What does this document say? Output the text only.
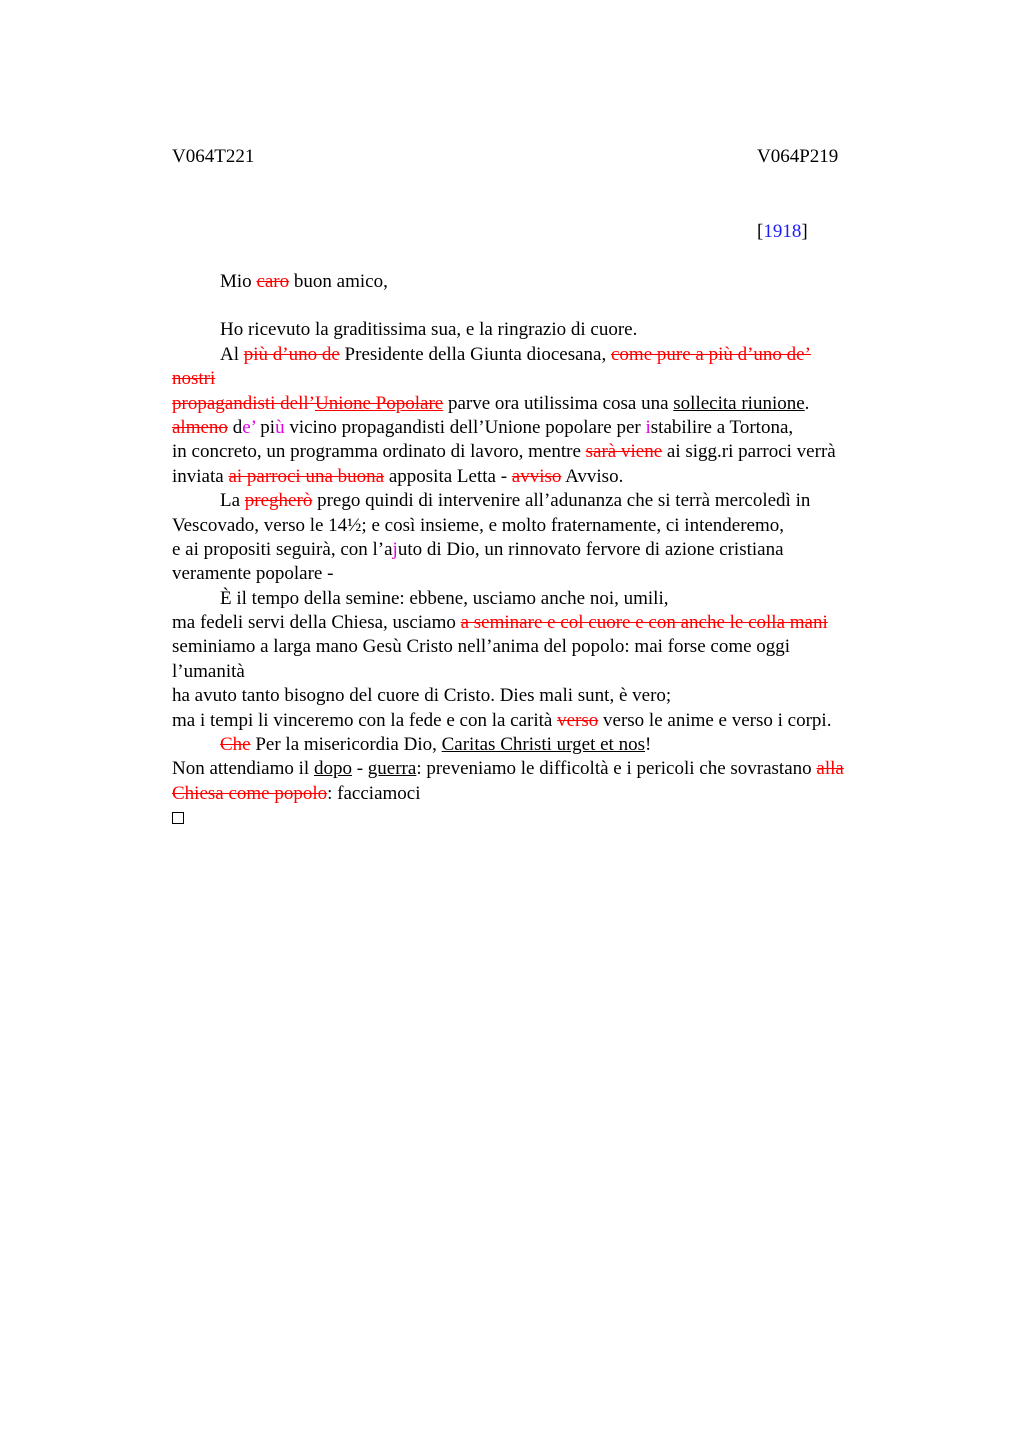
V064T221	V064P219
[1918]
Mio caro buon amico,
Ho ricevuto la graditissima sua, e la ringrazio di cuore.
Al più d’uno de Presidente della Giunta diocesana, come pure a più d’uno de’
nostri
propagandisti dell’Unione Popolare parve ora utilissima cosa una sollecita riunione.
almeno de’ più vicino propagandisti dell’Unione popolare per istabilire a Tortona,
in concreto, un programma ordinato di lavoro, mentre sarà viene ai sigg.ri parroci verrà
inviata ai parroci una buona apposita Letta - avviso Avviso.
La pregherò prego quindi di intervenire all’adunanza che si terrà mercoledì in
Vescovado, verso le 14½; e così insieme, e molto fraternamente, ci intenderemo,
e ai propositi seguirà, con l’ajuto di Dio, un rinnovato fervore di azione cristiana
veramente popolare -
È il tempo della semine: ebbene, usciamo anche noi, umili,
ma fedeli servi della Chiesa, usciamo a seminare e col cuore e con anche le colla mani
seminiamo a larga mano Gesù Cristo nell’anima del popolo: mai forse come oggi
l’umanità
ha avuto tanto bisogno del cuore di Cristo. Dies mali sunt, è vero;
ma i tempi li vinceremo con la fede e con la carità verso verso le anime e verso i corpi.
Che Per la misericordia Dio, Caritas Christi urget et nos!
Non attendiamo il dopo - guerra: preveniamo le difficoltà e i pericoli che sovrastano alla
Chiesa come popolo: facciamoci
